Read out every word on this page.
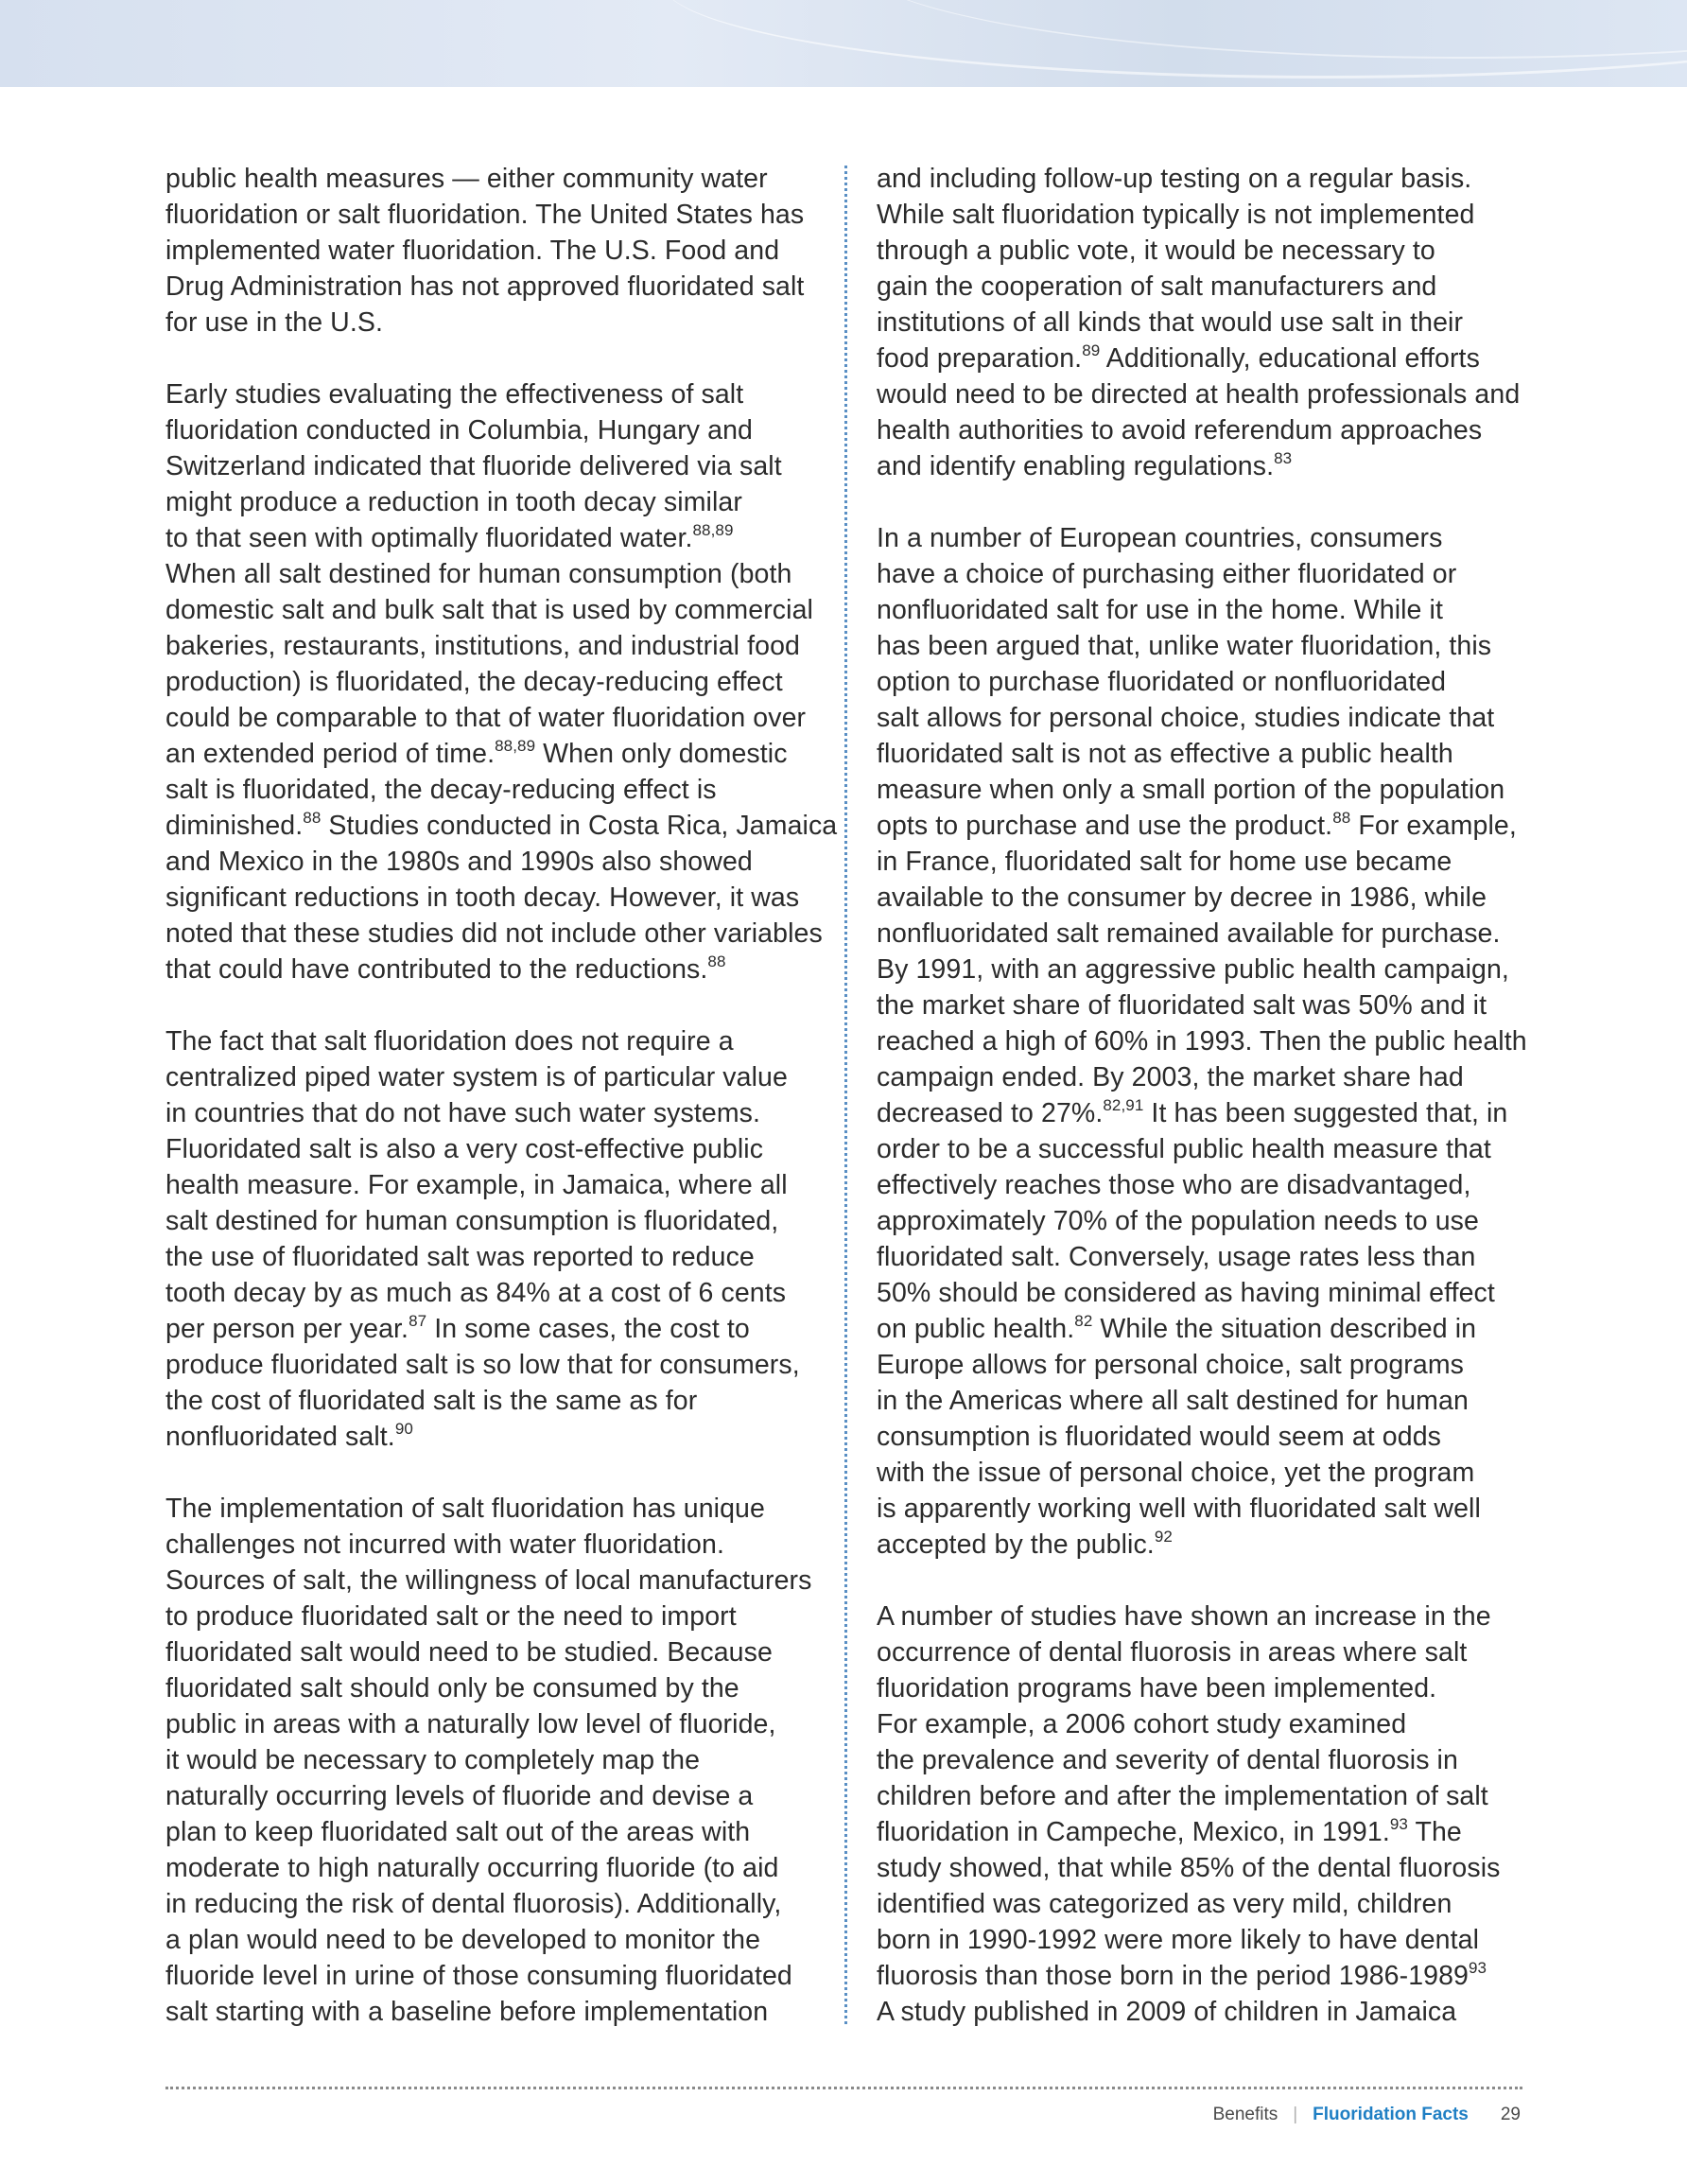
public health measures — either community water
fluoridation or salt fluoridation. The United States has
implemented water fluoridation. The U.S. Food and
Drug Administration has not approved fluoridated salt
for use in the U.S.
Early studies evaluating the effectiveness of salt
fluoridation conducted in Columbia, Hungary and
Switzerland indicated that fluoride delivered via salt
might produce a reduction in tooth decay similar
to that seen with optimally fluoridated water.$^{88,89}$
When all salt destined for human consumption (both
domestic salt and bulk salt that is used by commercial
bakeries, restaurants, institutions, and industrial food
production) is fluoridated, the decay-reducing effect
could be comparable to that of water fluoridation over
an extended period of time.$^{88,89}$ When only domestic
salt is fluoridated, the decay-reducing effect is
diminished.$^{88}$ Studies conducted in Costa Rica, Jamaica
and Mexico in the 1980s and 1990s also showed
significant reductions in tooth decay. However, it was
noted that these studies did not include other variables
that could have contributed to the reductions.$^{88}$
The fact that salt fluoridation does not require a
centralized piped water system is of particular value
in countries that do not have such water systems.
Fluoridated salt is also a very cost-effective public
health measure. For example, in Jamaica, where all
salt destined for human consumption is fluoridated,
the use of fluoridated salt was reported to reduce
tooth decay by as much as 84% at a cost of 6 cents
per person per year.$^{87}$ In some cases, the cost to
produce fluoridated salt is so low that for consumers,
the cost of fluoridated salt is the same as for
nonfluoridated salt.$^{90}$
The implementation of salt fluoridation has unique
challenges not incurred with water fluoridation.
Sources of salt, the willingness of local manufacturers
to produce fluoridated salt or the need to import
fluoridated salt would need to be studied. Because
fluoridated salt should only be consumed by the
public in areas with a naturally low level of fluoride,
it would be necessary to completely map the
naturally occurring levels of fluoride and devise a
plan to keep fluoridated salt out of the areas with
moderate to high naturally occurring fluoride (to aid
in reducing the risk of dental fluorosis). Additionally,
a plan would need to be developed to monitor the
fluoride level in urine of those consuming fluoridated
salt starting with a baseline before implementation
and including follow-up testing on a regular basis.
While salt fluoridation typically is not implemented
through a public vote, it would be necessary to
gain the cooperation of salt manufacturers and
institutions of all kinds that would use salt in their
food preparation.$^{89}$ Additionally, educational efforts
would need to be directed at health professionals and
health authorities to avoid referendum approaches
and identify enabling regulations.$^{83}$
In a number of European countries, consumers
have a choice of purchasing either fluoridated or
nonfluoridated salt for use in the home. While it
has been argued that, unlike water fluoridation, this
option to purchase fluoridated or nonfluoridated
salt allows for personal choice, studies indicate that
fluoridated salt is not as effective a public health
measure when only a small portion of the population
opts to purchase and use the product.$^{88}$ For example,
in France, fluoridated salt for home use became
available to the consumer by decree in 1986, while
nonfluoridated salt remained available for purchase.
By 1991, with an aggressive public health campaign,
the market share of fluoridated salt was 50% and it
reached a high of 60% in 1993. Then the public health
campaign ended. By 2003, the market share had
decreased to 27%.$^{82,91}$ It has been suggested that, in
order to be a successful public health measure that
effectively reaches those who are disadvantaged,
approximately 70% of the population needs to use
fluoridated salt. Conversely, usage rates less than
50% should be considered as having minimal effect
on public health.$^{82}$ While the situation described in
Europe allows for personal choice, salt programs
in the Americas where all salt destined for human
consumption is fluoridated would seem at odds
with the issue of personal choice, yet the program
is apparently working well with fluoridated salt well
accepted by the public.$^{92}$
A number of studies have shown an increase in the
occurrence of dental fluorosis in areas where salt
fluoridation programs have been implemented.
For example, a 2006 cohort study examined
the prevalence and severity of dental fluorosis in
children before and after the implementation of salt
fluoridation in Campeche, Mexico, in 1991.93 The
study showed, that while 85% of the dental fluorosis
identified was categorized as very mild, children
born in 1990-1992 were more likely to have dental
fluorosis than those born in the period 1986-1989$^{93}$
A study published in 2009 of children in Jamaica
Benefits | Fluoridation Facts 29
